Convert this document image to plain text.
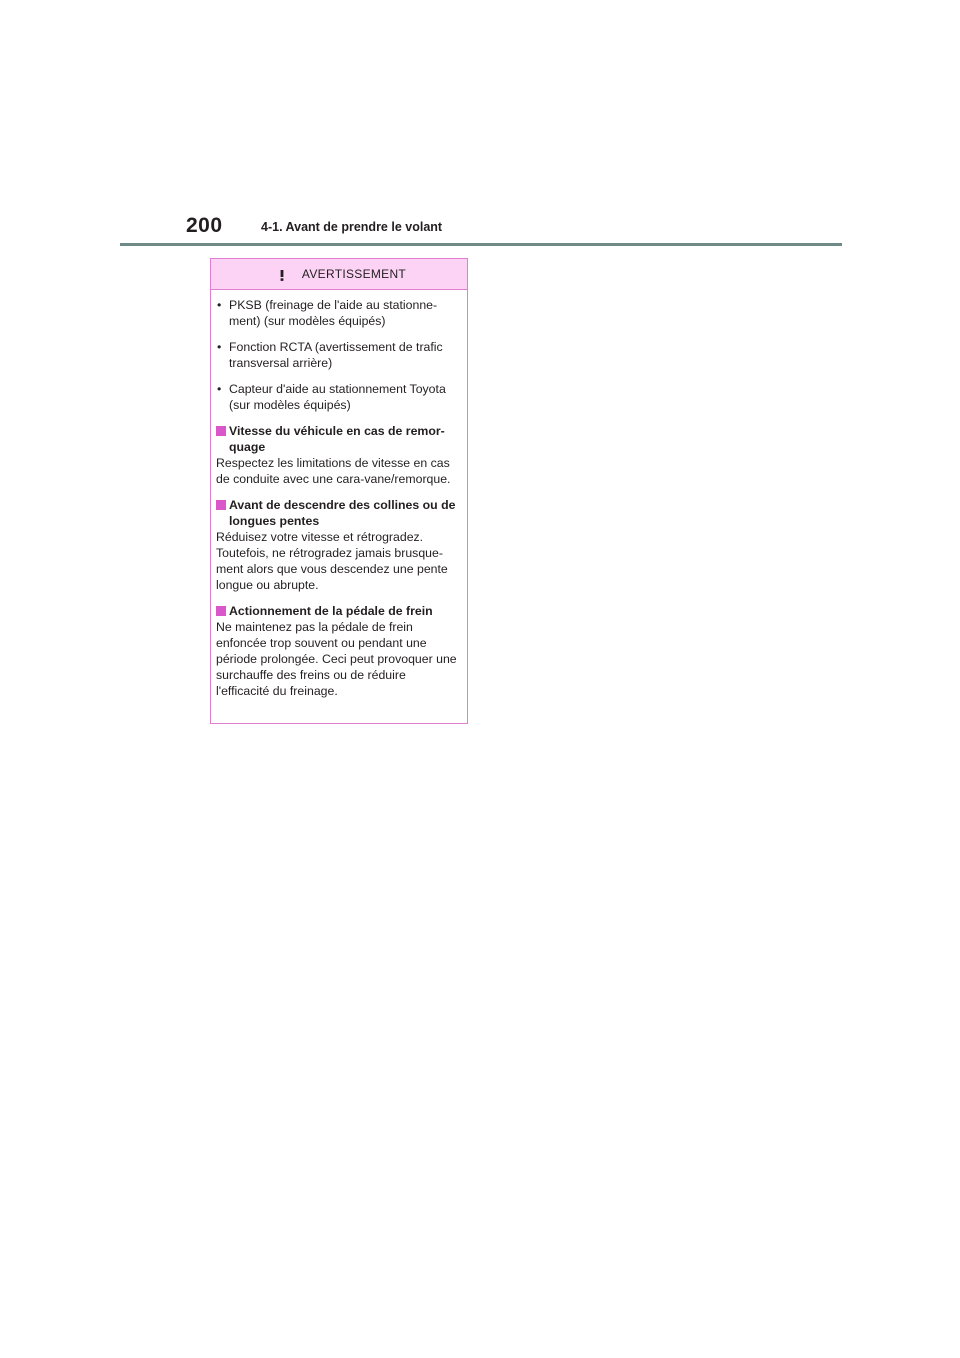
200	4-1. Avant de prendre le volant
AVERTISSEMENT
• PKSB (freinage de l'aide au stationne-ment) (sur modèles équipés)
• Fonction RCTA (avertissement de trafic transversal arrière)
• Capteur d'aide au stationnement Toyota (sur modèles équipés)
Vitesse du véhicule en cas de remor-quage
Respectez les limitations de vitesse en cas de conduite avec une cara-vane/remorque.
Avant de descendre des collines ou de longues pentes
Réduisez votre vitesse et rétrogradez. Toutefois, ne rétrogradez jamais brusque-ment alors que vous descendez une pente longue ou abrupte.
Actionnement de la pédale de frein
Ne maintenez pas la pédale de frein enfoncée trop souvent ou pendant une période prolongée. Ceci peut provoquer une surchauffe des freins ou de réduire l'efficacité du freinage.
